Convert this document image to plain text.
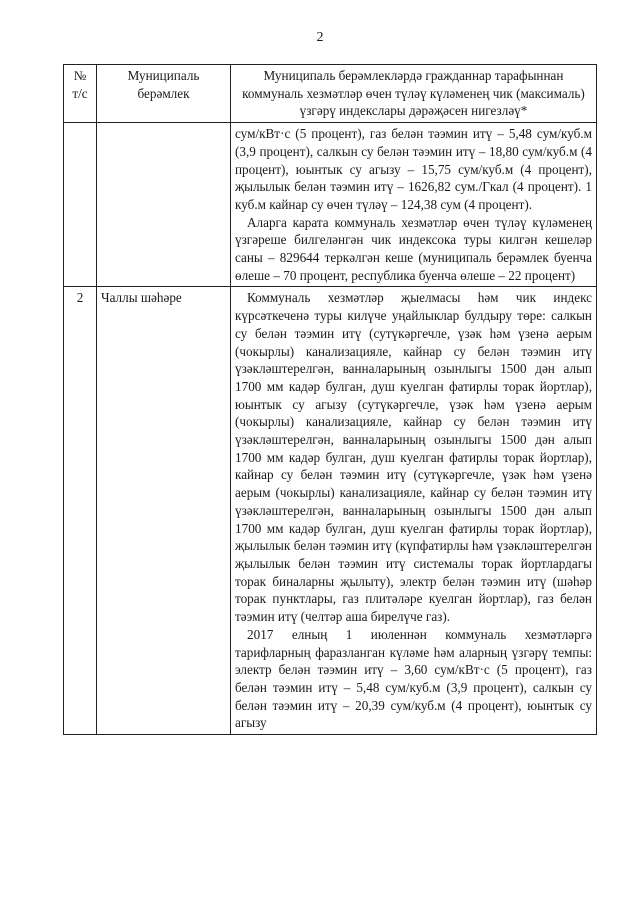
2
№ т/с	Муниципаль берәмлек	Муниципаль берәмлекләрдә гражданнар тарафыннан коммуналь хезмәтләр өчен түләү күләменең чик (максималь) үзгәрү индекслары дәрәҗәсен нигезләү*

		сум/кВт·с (5 процент), газ белән тәэмин итү – 5,48 сум/куб.м (3,9 процент), салкын су белән тәэмин итү – 18,80 сум/куб.м (4 процент), юынтык су агызу – 15,75 сум/куб.м (4 процент), җылылык белән тәэмин итү – 1626,82 сум./Гкал (4 процент). 1 куб.м кайнар су өчен түләү – 124,38 сум (4 процент).

Аларга карата коммуналь хезмәтләр өчен түләү күләменең үзгәреше билгеләнгән чик индексока туры килгән кешеләр саны – 829644 теркәлгән кеше (муниципаль берәмлек буенча өлеше – 70 процент, республика буенча өлеше – 22 процент)

2	Чаллы шәһәре	Коммуналь хезмәтләр җыелмасы һәм чик индекс күрсәткеченә туры килүче уңайлыклар булдыру төре: салкын су белән тәэмин итү (сутүкәргечле, үзәк һәм үзенә аерым (чокырлы) канализацияле, кайнар су белән тәэмин итү үзәкләштерелгән, ванналарының озынлыгы 1500 дән алып 1700 мм кадәр булган, душ куелган фатирлы торак йортлар), юынтык су агызу (сутүкәргечле, үзәк һәм үзенә аерым (чокырлы) канализацияле, кайнар су белән тәэмин итү үзәкләштерелгән, ванналарының озынлыгы 1500 дән алып 1700 мм кадәр булган, душ куелган фатирлы торак йортлар), кайнар су белән тәэмин итү (сутүкәргечле, үзәк һәм үзенә аерым (чокырлы) канализацияле, кайнар су белән тәэмин итү үзәкләштерелгән, ванналарының озынлыгы 1500 дән алып 1700 мм кадәр булган, душ куелган фатирлы торак йортлар), җылылык белән тәэмин итү (күпфатирлы һәм үзәкләштерелгән җылылык белән тәэмин итү системалы торак йортлардагы торак биналарны җылыту), электр белән тәэмин итү (шәһәр торак пунктлары, газ плитәләре куелган йортлар), газ белән тәэмин итү (челтәр аша бирелүче газ).

2017 елның 1 июленнән коммуналь хезмәтләргә тарифларның фаразланган күләме һәм аларның үзгәрү темпы: электр белән тәэмин итү – 3,60 сум/кВт·с (5 процент), газ белән тәэмин итү – 5,48 сум/куб.м (3,9 процент), салкын су белән тәэмин итү – 20,39 сум/куб.м (4 процент), юынтык су агызу
